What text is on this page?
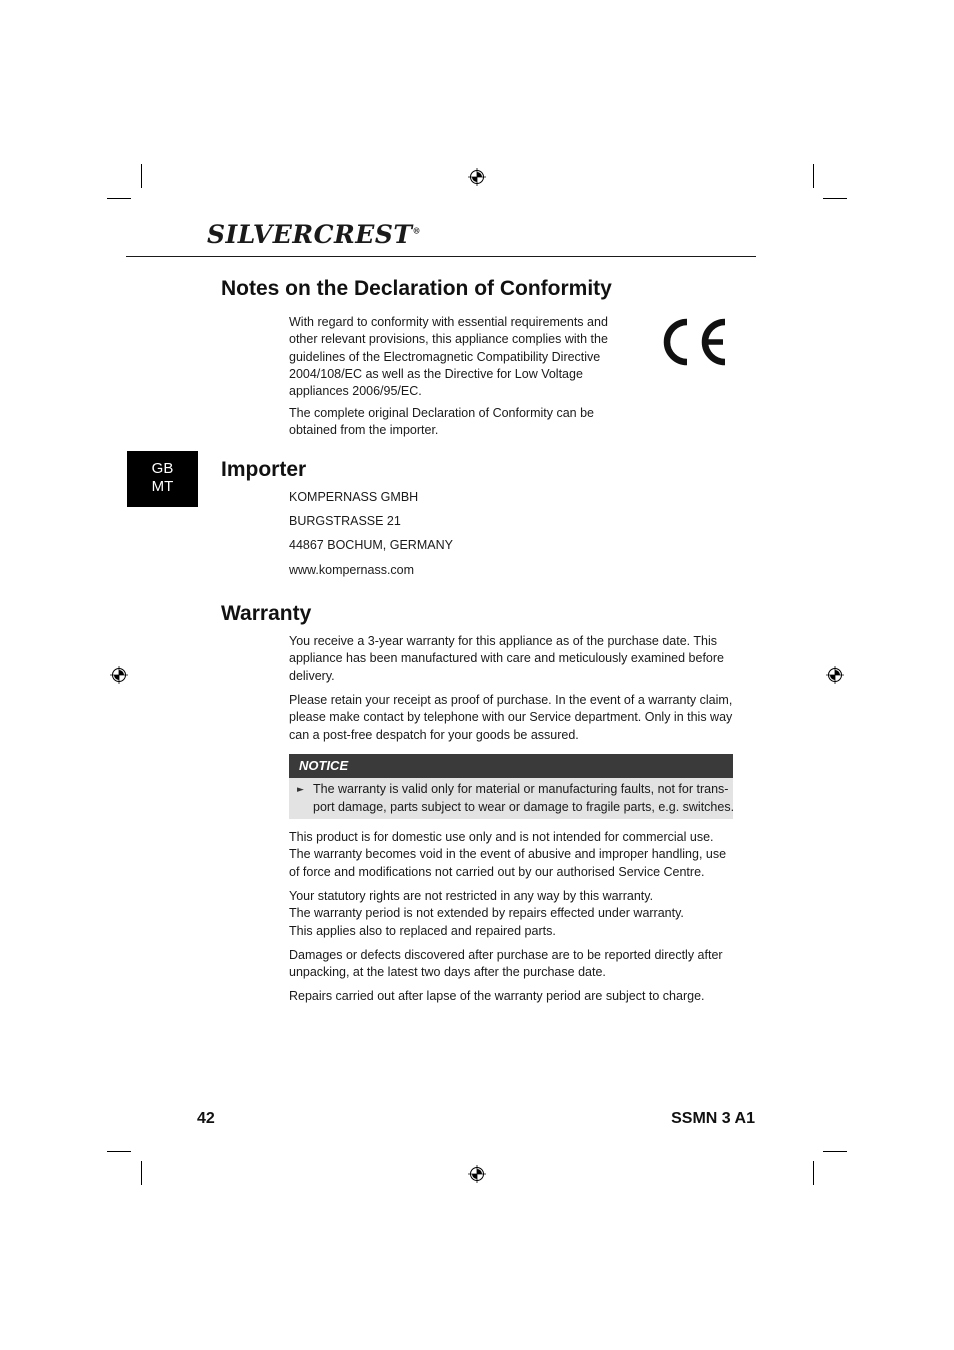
SILVERCREST®
Notes on the Declaration of Conformity

With regard to conformity with essential requirements and
other relevant provisions, this appliance complies with the
guidelines of the Electromagnetic Compatibility Directive
2004/108/EC as well as the Directive for Low Voltage
appliances 2006/95/EC.

The complete original Declaration of Conformity can be
obtained from the importer.

GB
MT
Importer

KOMPERNASS GMBH

BURGSTRASSE 21

44867 BOCHUM, GERMANY

www.kompernass.com

Warranty

You receive a 3-year warranty for this appliance as of the purchase date. This
appliance has been manufactured with care and meticulously examined before
delivery.

Please retain your receipt as proof of purchase. In the event of a warranty claim,
please make contact by telephone with our Service department. Only in this way
can a post-free despatch for your goods be assured.

NOTICE
► The warranty is valid only for material or manufacturing faults, not for trans-
port damage, parts subject to wear or damage to fragile parts, e.g. switches.

This product is for domestic use only and is not intended for commercial use.
The warranty becomes void in the event of abusive and improper handling, use
of force and modifications not carried out by our authorised Service Centre.

Your statutory rights are not restricted in any way by this warranty.
The warranty period is not extended by repairs effected under warranty.
This applies also to replaced and repaired parts.

Damages or defects discovered after purchase are to be reported directly after
unpacking, at the latest two days after the purchase date.

Repairs carried out after lapse of the warranty period are subject to charge.

42	SSMN 3 A1
